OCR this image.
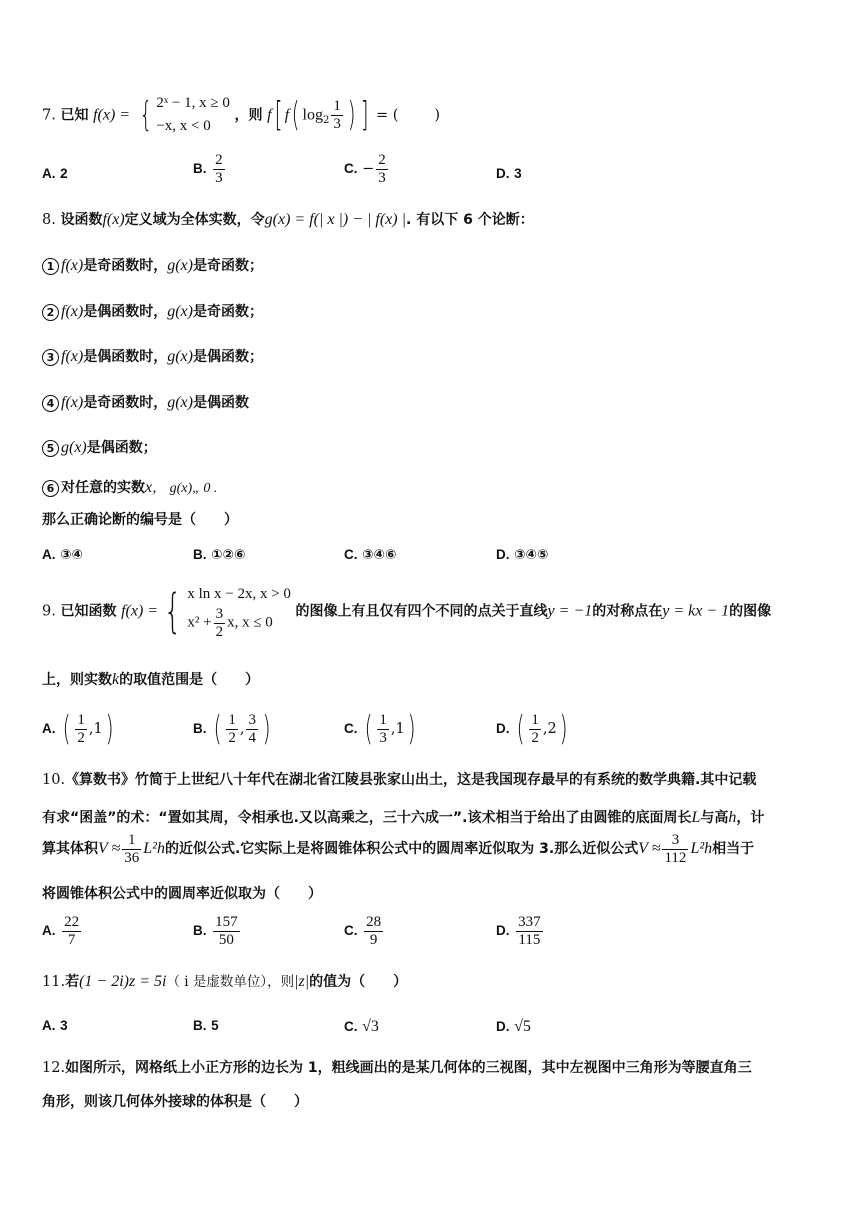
7. 已知 f(x) = { 2ˣ − 1, x ≥ 0
−x, x < 0
，则 f[ f( $\log_2 \frac{1}{3}$ ) ] = ( )
A. 2	B. $\frac{2}{3}$	C. − $\frac{2}{3}$	D. 3
8. 设函数f(x)定义域为全体实数，令g(x) = f(| x |) − | f(x) |. 有以下 6 个论断：
1 f(x)是奇函数时，g(x)是奇函数；
2 f(x)是偶函数时，g(x)是奇函数；
3 f(x)是偶函数时，g(x)是偶函数；
4 f(x)是奇函数时，g(x)是偶函数
5 g(x)是偶函数；
6 对任意的实数x， g(x)„ 0 .
那么正确论断的编号是（　　）
A. ③④	B. ①②⑥	C. ③④⑥	D. ③④⑤
9. 已知函数 f(x) = { x ln x − 2x, x > 0
$x^2 + \frac{3}{2} x$, x ≤ 0
的图像上有且仅有四个不同的点关于直线y = −1的对称点在y = kx − 1的图像
上，则实数k的取值范围是（　　）
A. ( $\frac{1}{2} ,1$)	B. ( $\frac{1}{2}$ , $\frac{3}{4}$ )	C. ( $\frac{1}{3} ,1$)	D. ( $\frac{1}{2} ,2$)
10.《算数书》竹简于上世纪八十年代在湖北省江陵县张家山出土，这是我国现存最早的有系统的数学典籍.其中记载
有求“囷盖”的术：“置如其周，令相承也.又以高乘之，三十六成一”.该术相当于给出了由圆锥的底面周长L与高h，计
算其体积$V \approx \frac{1}{36} L^2h$的近似公式.它实际上是将圆锥体积公式中的圆周率近似取为 3.那么近似公式$V \approx \frac{3}{112} L^2h$相当于
将圆锥体积公式中的圆周率近似取为（　　）
A. $\frac{22}{7}$	B. $\frac{157}{50}$	C. $\frac{28}{9}$	D. $\frac{337}{115}$
11.若(1 − 2i)z = 5i（ i 是虚数单位），则|z|的值为（　　）
A. 3	B. 5	C. √3	D. √5
12.如图所示，网格纸上小正方形的边长为 1，粗线画出的是某几何体的三视图，其中左视图中三角形为等腰直角三
角形，则该几何体外接球的体积是（　　）
